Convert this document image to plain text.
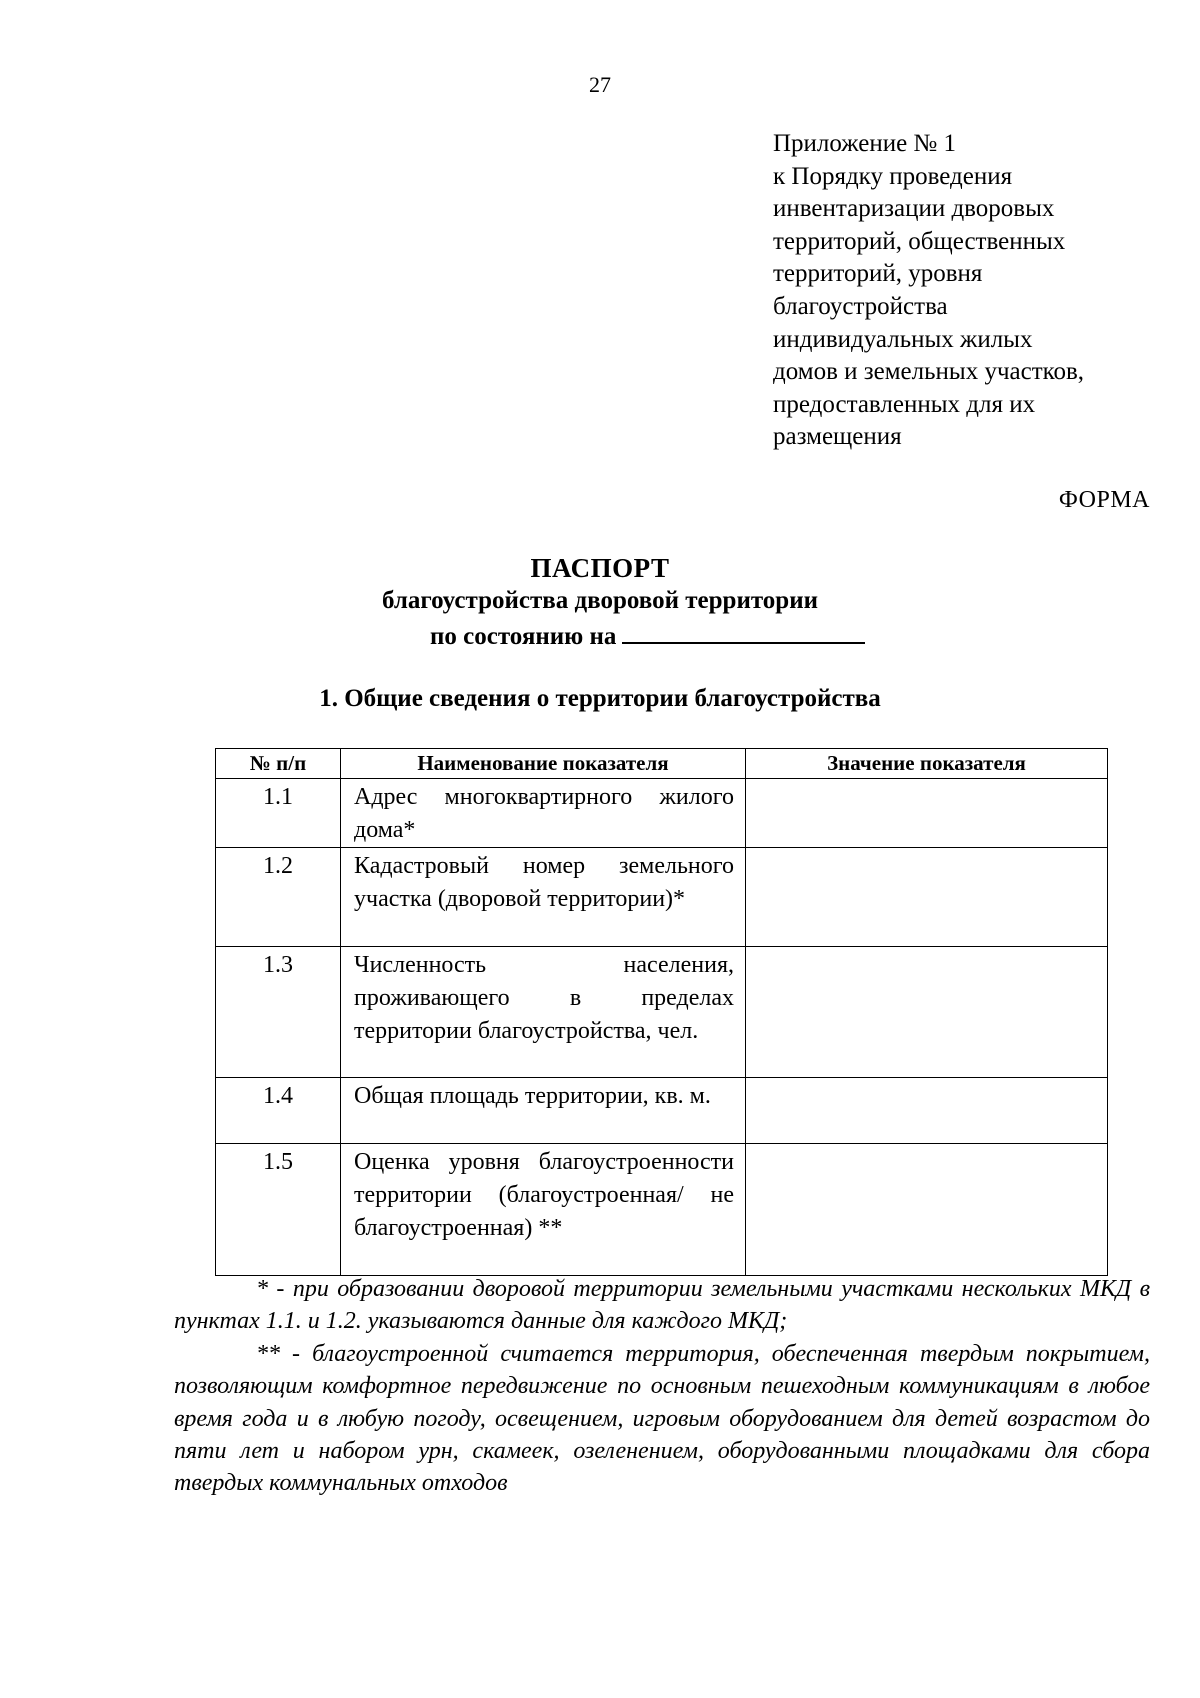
27
Приложение № 1
к Порядку проведения
инвентаризации дворовых
территорий, общественных
территорий, уровня
благоустройства
индивидуальных жилых
домов и земельных участков,
предоставленных для их
размещения
ФОРМА
ПАСПОРТ
благоустройства дворовой территории
по состоянию на
1. Общие сведения о территории благоустройства
№ п/п	Наименование показателя	Значение показателя
1.1	Адрес многоквартирного жилого дома*	
1.2	Кадастровый номер земельного участка (дворовой территории)*	
1.3	Численность населения, проживающего в пределах территории благоустройства, чел.	
1.4	Общая площадь территории, кв. м.	
1.5	Оценка уровня благоустроенности территории (благоустроенная/ не благоустроенная) **	

* - при образовании дворовой территории земельными участками нескольких МКД в пунктах 1.1. и 1.2. указываются данные для каждого МКД;

** - благоустроенной считается территория, обеспеченная твердым покрытием, позволяющим комфортное передвижение по основным пешеходным коммуникациям в любое время года и в любую погоду, освещением, игровым оборудованием для детей возрастом до пяти лет и набором урн, скамеек, озеленением, оборудованными площадками для сбора твердых коммунальных отходов
